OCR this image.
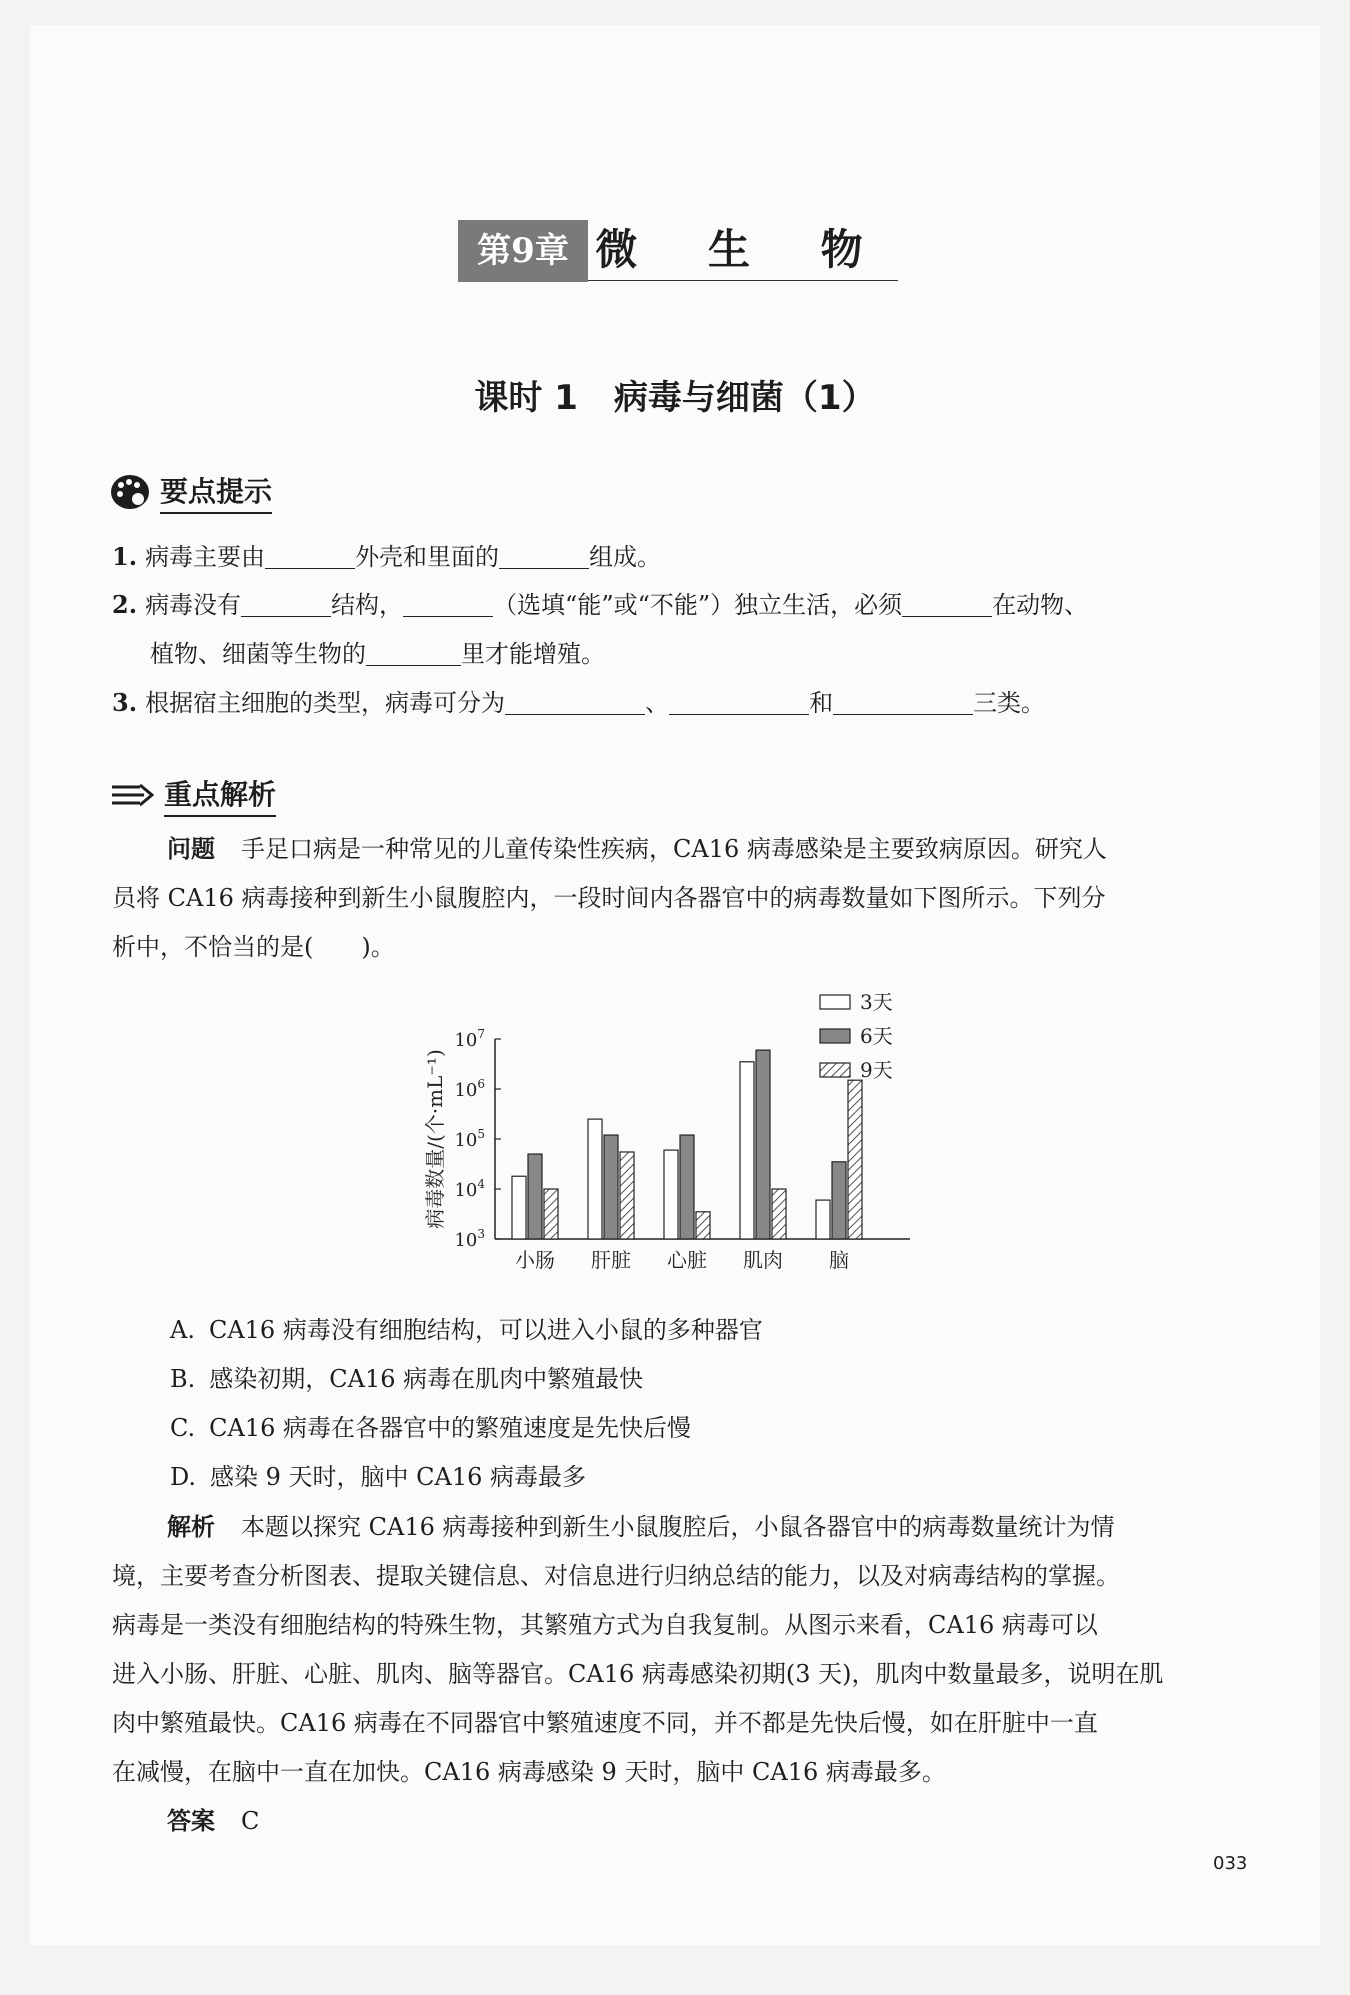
第9章 微 生 物
课时 1 病毒与细菌（1）
要点提示
1. 病毒主要由	外壳和里面的	组成。
2. 病毒没有	结构，	（选填“能”或“不能”）独立生活，必须	在动物、
植物、细菌等生物的	里才能增殖。
3. 根据宿主细胞的类型，病毒可分为	、	和	三类。
重点解析
问题 手足口病是一种常见的儿童传染性疾病，CA16 病毒感染是主要致病原因。研究人
员将 CA16 病毒接种到新生小鼠腹腔内，一段时间内各器官中的病毒数量如下图所示。下列分
析中，不恰当的是(　　)。
$10^3$
$10^4$
$10^5$
$10^6$
$10^7$
病毒数量/(个·mL⁻¹)
小肠 肝脏 心脏 肌肉 脑
3天
6天
9天
A. CA16 病毒没有细胞结构，可以进入小鼠的多种器官
B. 感染初期，CA16 病毒在肌肉中繁殖最快
C. CA16 病毒在各器官中的繁殖速度是先快后慢
D. 感染 9 天时，脑中 CA16 病毒最多
解析 本题以探究 CA16 病毒接种到新生小鼠腹腔后，小鼠各器官中的病毒数量统计为情
境，主要考查分析图表、提取关键信息、对信息进行归纳总结的能力，以及对病毒结构的掌握。
病毒是一类没有细胞结构的特殊生物，其繁殖方式为自我复制。从图示来看，CA16 病毒可以
进入小肠、肝脏、心脏、肌肉、脑等器官。CA16 病毒感染初期(3 天)，肌肉中数量最多，说明在肌
肉中繁殖最快。CA16 病毒在不同器官中繁殖速度不同，并不都是先快后慢，如在肝脏中一直
在减慢，在脑中一直在加快。CA16 病毒感染 9 天时，脑中 CA16 病毒最多。
答案 C
033
